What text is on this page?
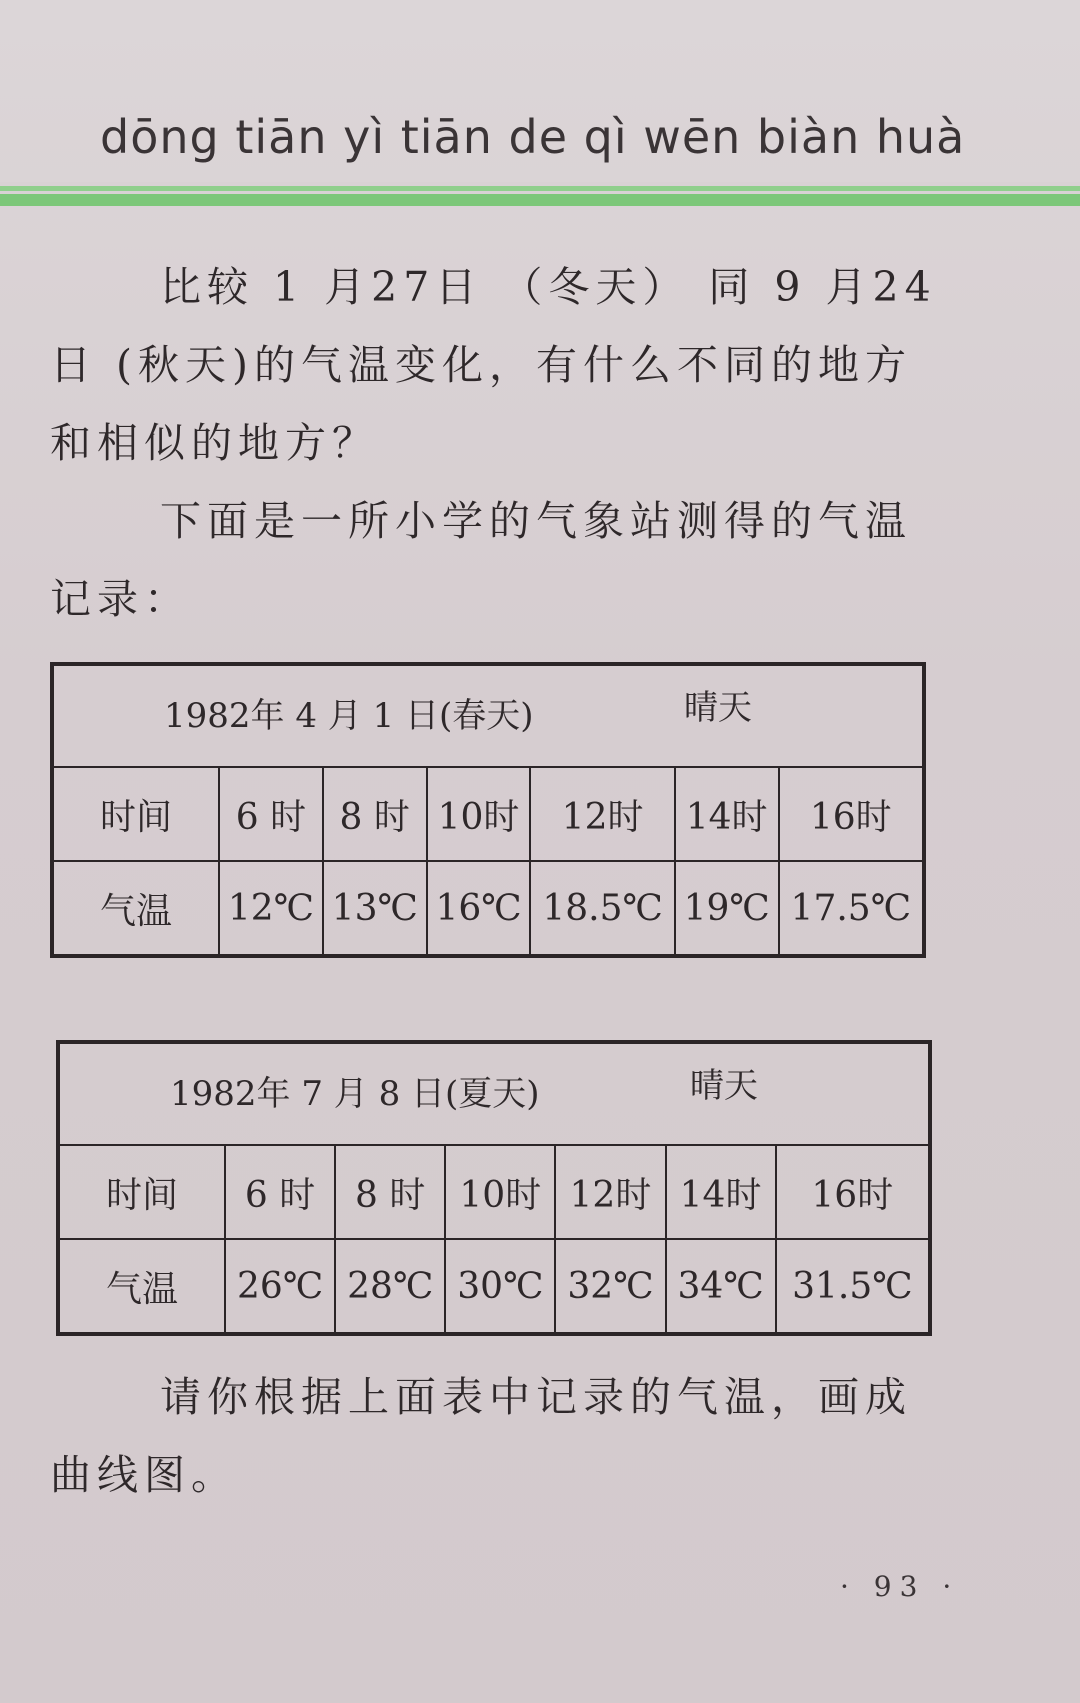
dōng tiān yì tiān de qì wēn biàn huà
比较 1 月27日 （冬天） 同 9 月24日 (秋天)的气温变化，有什么不同的地方和相似的地方？
下面是一所小学的气象站测得的气温记录：
1982年 4 月 1 日(春天) 晴天						

时间	6 时	8 时	10时	12时	14时	16时
气温	12℃	13℃	16℃	18.5℃	19℃	17.5℃
1982年 7 月 8 日(夏天) 晴天						

时间	6 时	8 时	10时	12时	14时	16时
气温	26℃	28℃	30℃	32℃	34℃	31.5℃
请你根据上面表中记录的气温，画成曲线图。
· 93 ·
